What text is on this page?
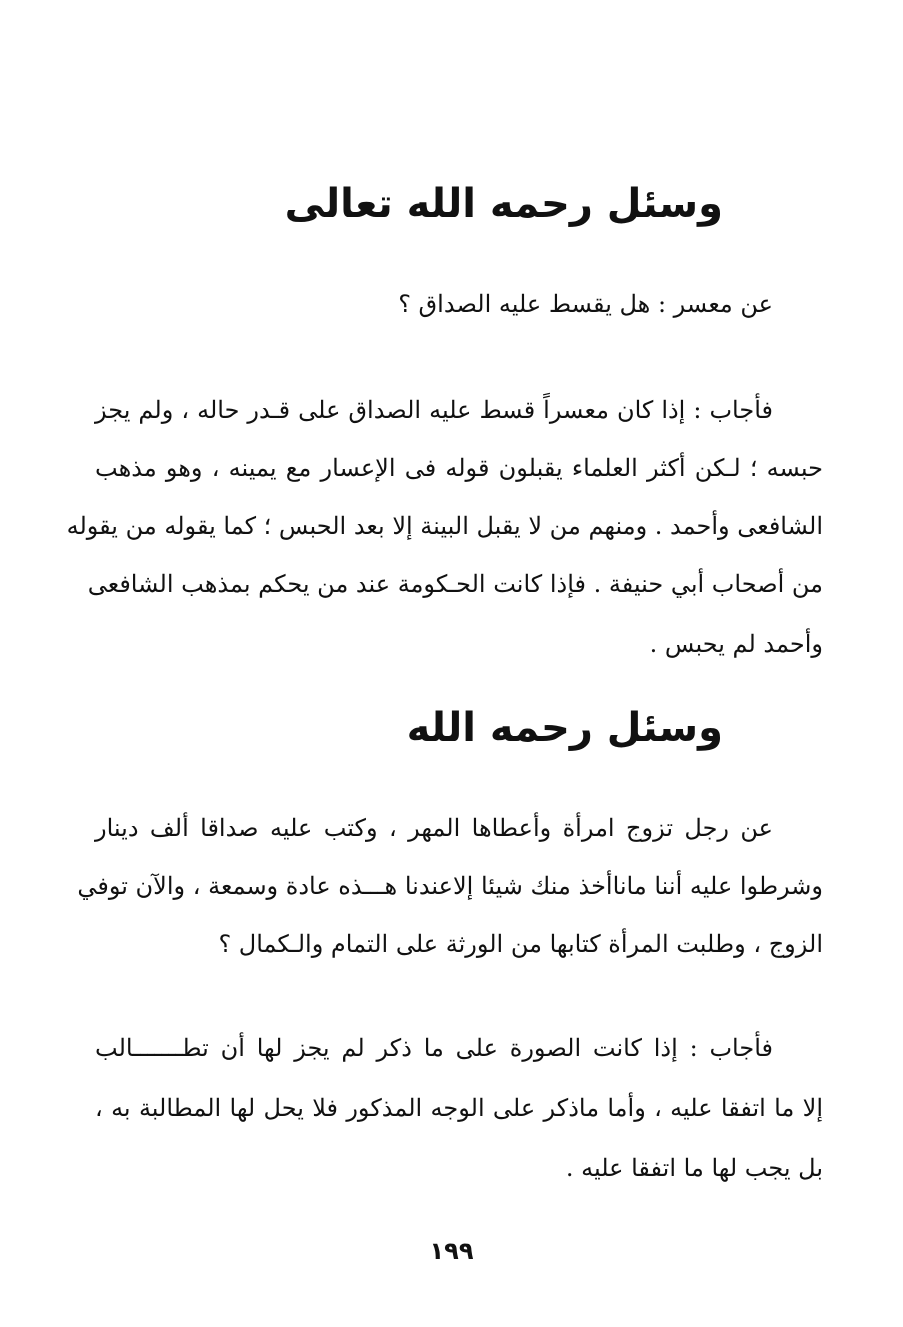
وسئل رحمه الله تعالى

عن معسر : هل يقسط عليه الصداق ؟

فأجاب : إذا كان معسراً قسط عليه الصداق على قـدر حاله ، ولم يجز

حبسه ؛ لـكن أكثر العلماء يقبلون قوله فى الإعسار مع يمينه ، وهو مذهب

الشافعى وأحمد . ومنهم من لا يقبل البينة إلا بعد الحبس ؛ كما يقوله من يقوله

من أصحاب أبي حنيفة . فإذا كانت الحـكومة عند من يحكم بمذهب الشافعى

وأحمد لم يحبس .

وسئل رحمه الله

عن رجل تزوج امرأة وأعطاها المهر ، وكتب عليه صداقا ألف دينار

وشرطوا عليه أننا ماناأخذ منك شيئا إلاعندنا هـــذه عادة وسمعة ، والآن توفي

الزوج ، وطلبت المرأة كتابها من الورثة على التمام والـكمال ؟

فأجاب : إذا كانت الصورة على ما ذكر لم يجز لها أن تطـــــــالب

إلا ما اتفقا عليه ، وأما ماذكر على الوجه المذكور فلا يحل لها المطالبة به ،

بل يجب لها ما اتفقا عليه .

١٩٩
